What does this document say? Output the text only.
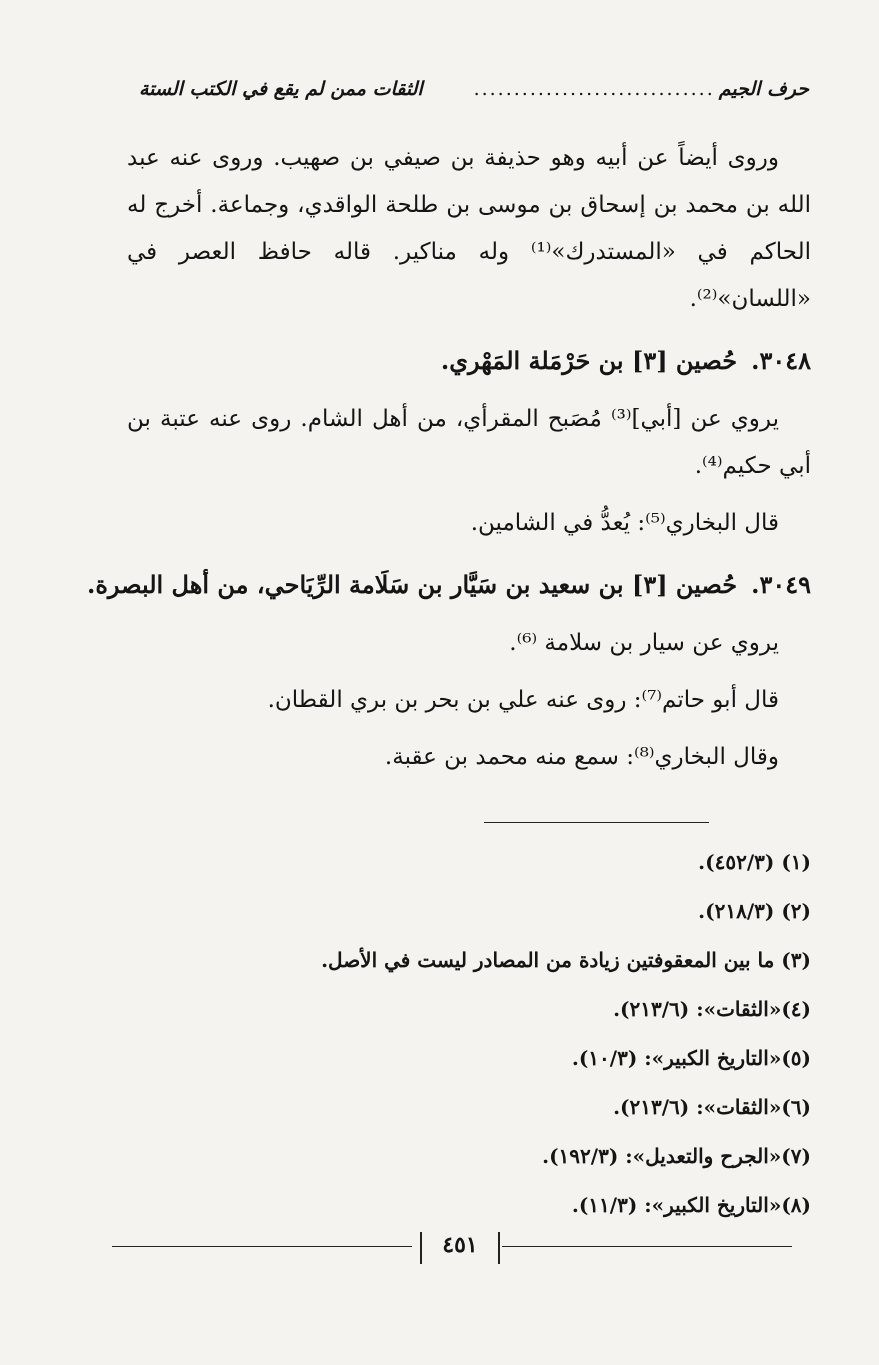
حرف الجيم
..............................
الثقات ممن لم يقع في الكتب الستة

وروى أيضاً عن أبيه وهو حذيفة بن صيفي بن صهيب. وروى عنه عبد الله بن محمد بن إسحاق بن موسى بن طلحة الواقدي، وجماعة. أخرج له الحاكم في «المستدرك»⁽¹⁾ وله مناكير. قاله حافظ العصر في «اللسان»⁽²⁾.

٣٠٤٨.حُصين [٣] بن حَرْمَلة المَهْري.

يروي عن [أبي]⁽³⁾ مُصَبح المقرأي، من أهل الشام. روى عنه عتبة بن أبي حكيم⁽⁴⁾.

قال البخاري⁽⁵⁾: يُعدُّ في الشامين.

٣٠٤٩.حُصين [٣] بن سعيد بن سَيَّار بن سَلَامة الرِّيَاحي، من أهل البصرة.

يروي عن سيار بن سلامة ⁽⁶⁾.

قال أبو حاتم⁽⁷⁾: روى عنه علي بن بحر بن بري القطان.

وقال البخاري⁽⁸⁾: سمع منه محمد بن عقبة.

(١) (٤٥٢/٣).
(٢) (٢١٨/٣).
(٣) ما بين المعقوفتين زيادة من المصادر ليست في الأصل.
(٤)«الثقات»: (٢١٣/٦).
(٥)«التاريخ الكبير»: (١٠/٣).
(٦)«الثقات»: (٢١٣/٦).
(٧)«الجرح والتعديل»: (١٩٢/٣).
(٨)«التاريخ الكبير»: (١١/٣).
٤٥١
